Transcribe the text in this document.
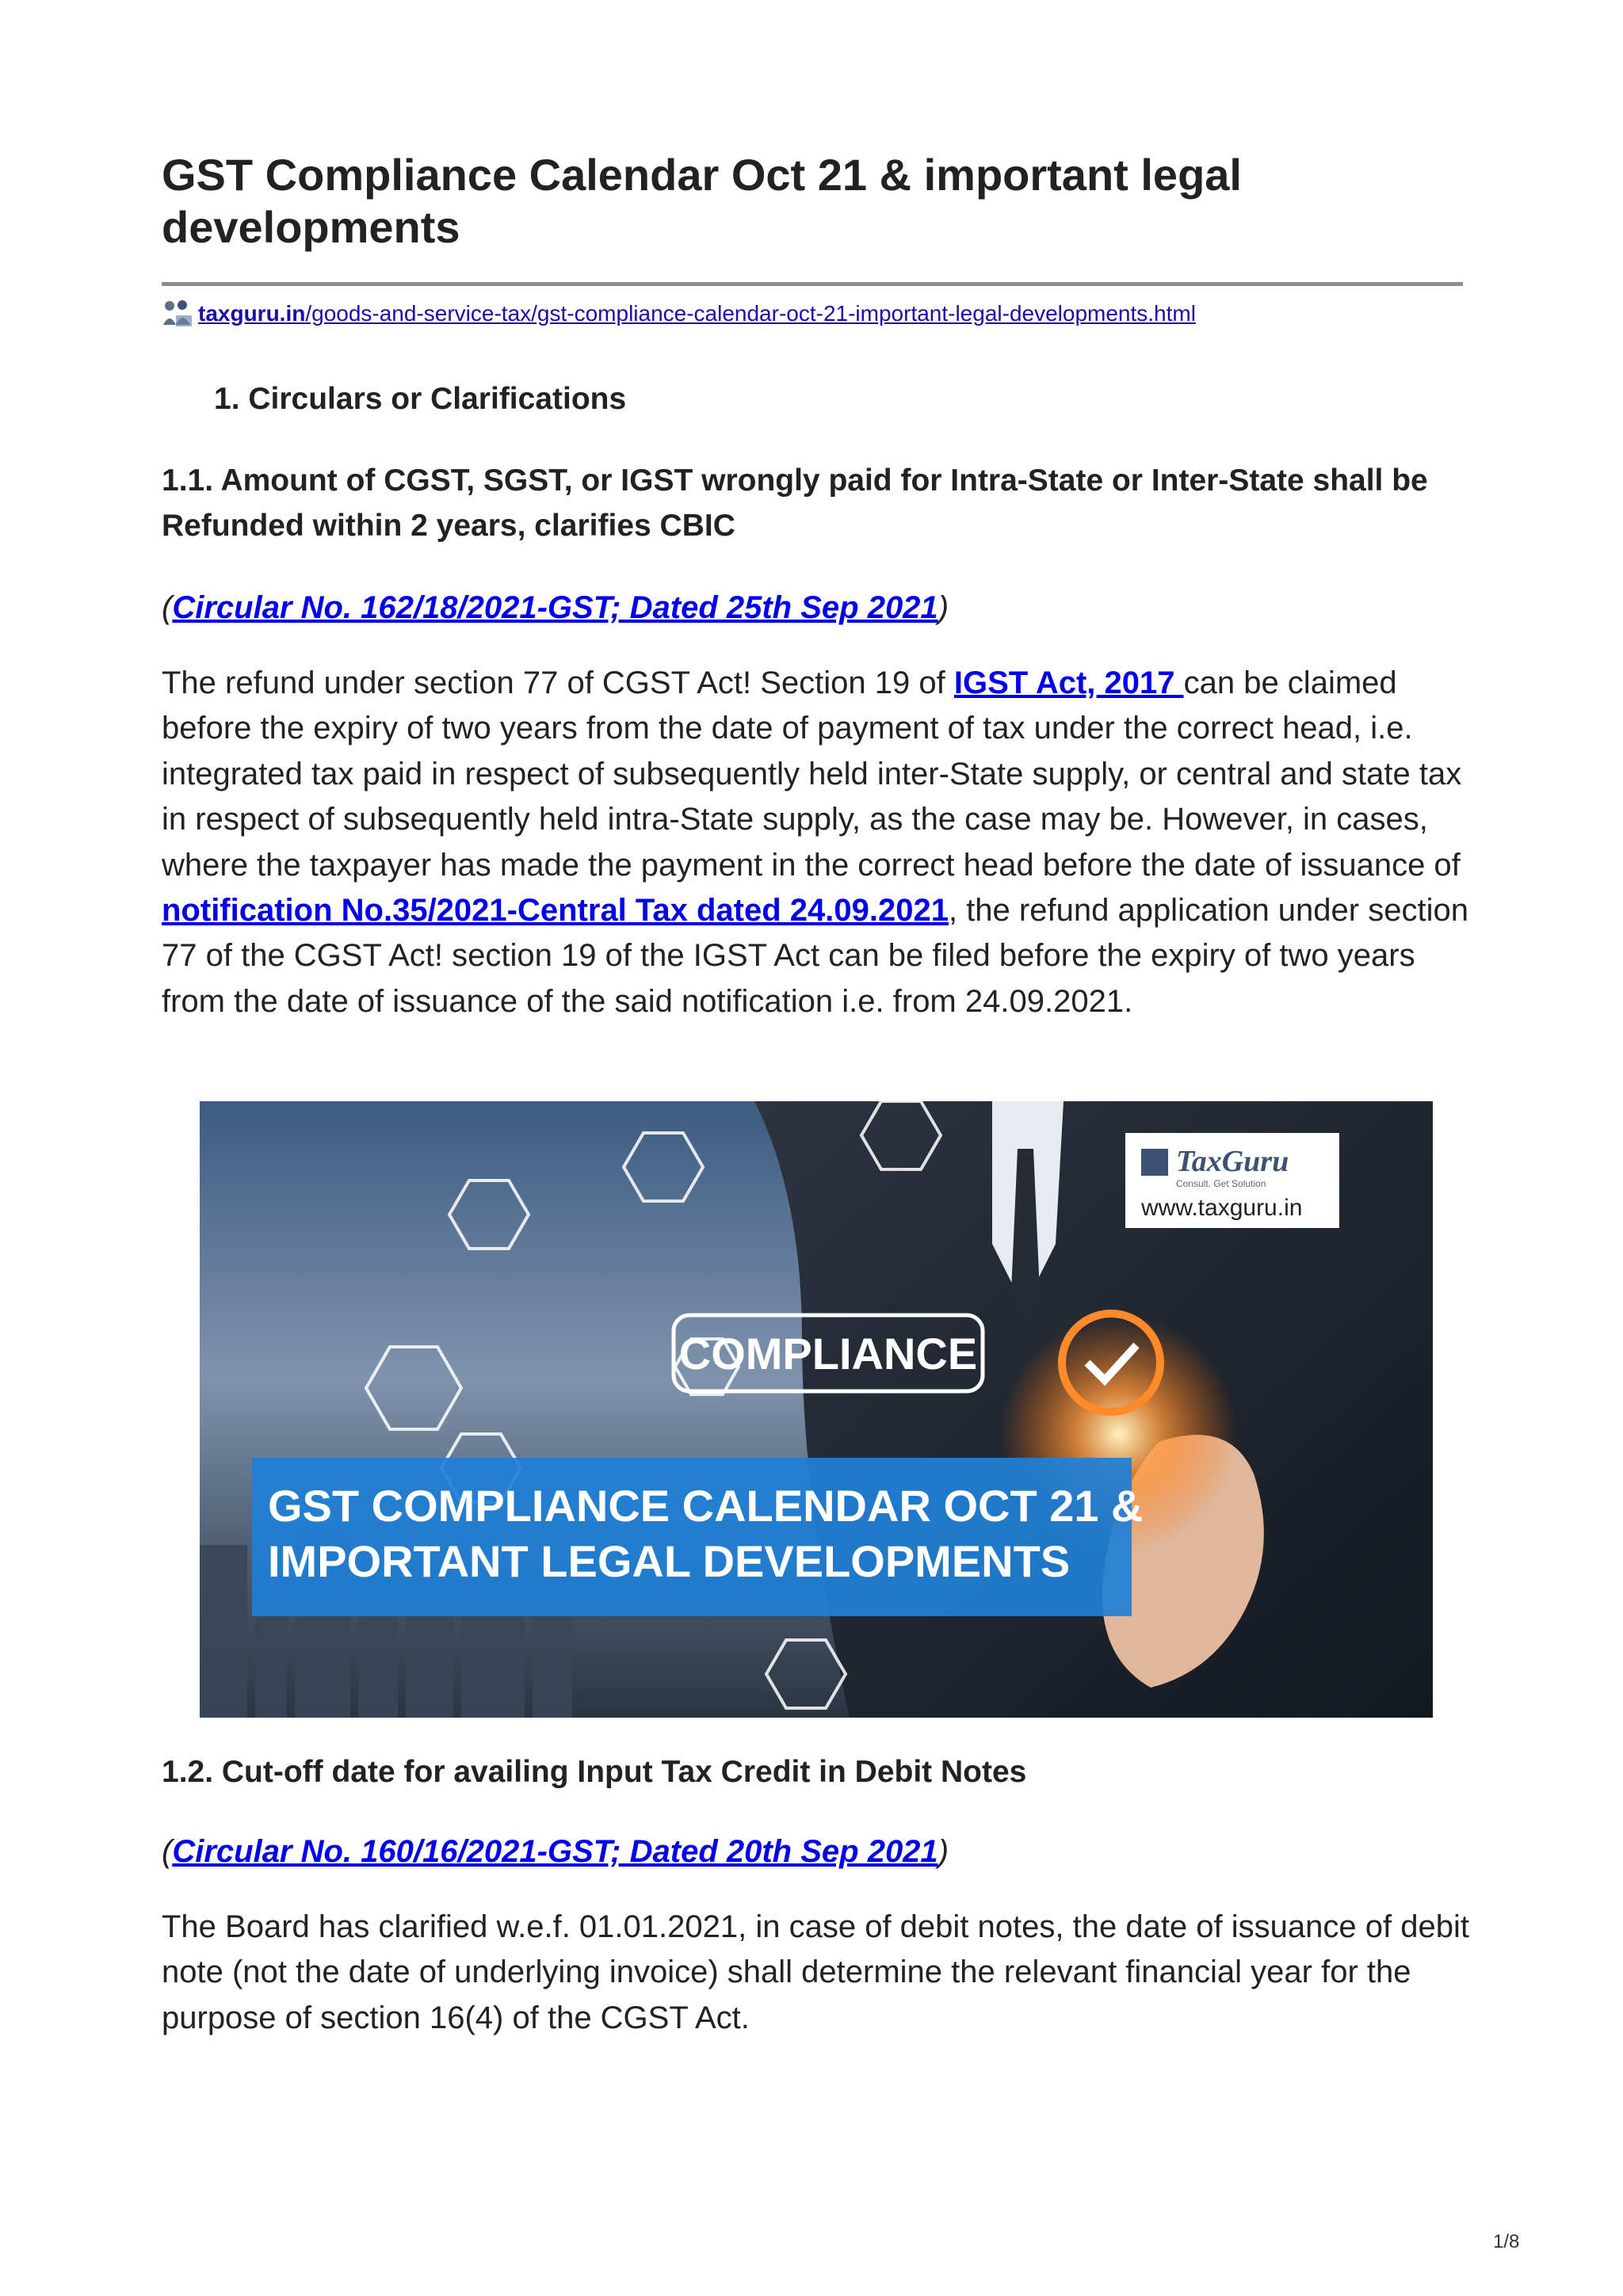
GST Compliance Calendar Oct 21 & important legal developments
taxguru.in/goods-and-service-tax/gst-compliance-calendar-oct-21-important-legal-developments.html
1. Circulars or Clarifications
1.1. Amount of CGST, SGST, or IGST wrongly paid for Intra-State or Inter-State shall be Refunded within 2 years, clarifies CBIC

(Circular No. 162/18/2021-GST; Dated 25th Sep 2021)

The refund under section 77 of CGST Act! Section 19 of IGST Act, 2017 can be claimed before the expiry of two years from the date of payment of tax under the correct head, i.e. integrated tax paid in respect of subsequently held inter-State supply, or central and state tax in respect of subsequently held intra-State supply, as the case may be. However, in cases, where the taxpayer has made the payment in the correct head before the date of issuance of notification No.35/2021-Central Tax dated 24.09.2021, the refund application under section 77 of the CGST Act! section 19 of the IGST Act can be filed before the expiry of two years from the date of issuance of the said notification i.e. from 24.09.2021.

COMPLIANCE
GST COMPLIANCE CALENDAR OCT 21 &
IMPORTANT LEGAL DEVELOPMENTS
TaxGuru
Consult. Get Solution
www.taxguru.in
1.2. Cut-off date for availing Input Tax Credit in Debit Notes

(Circular No. 160/16/2021-GST; Dated 20th Sep 2021)

The Board has clarified w.e.f. 01.01.2021, in case of debit notes, the date of issuance of debit note (not the date of underlying invoice) shall determine the relevant financial year for the purpose of section 16(4) of the CGST Act.

1/8
